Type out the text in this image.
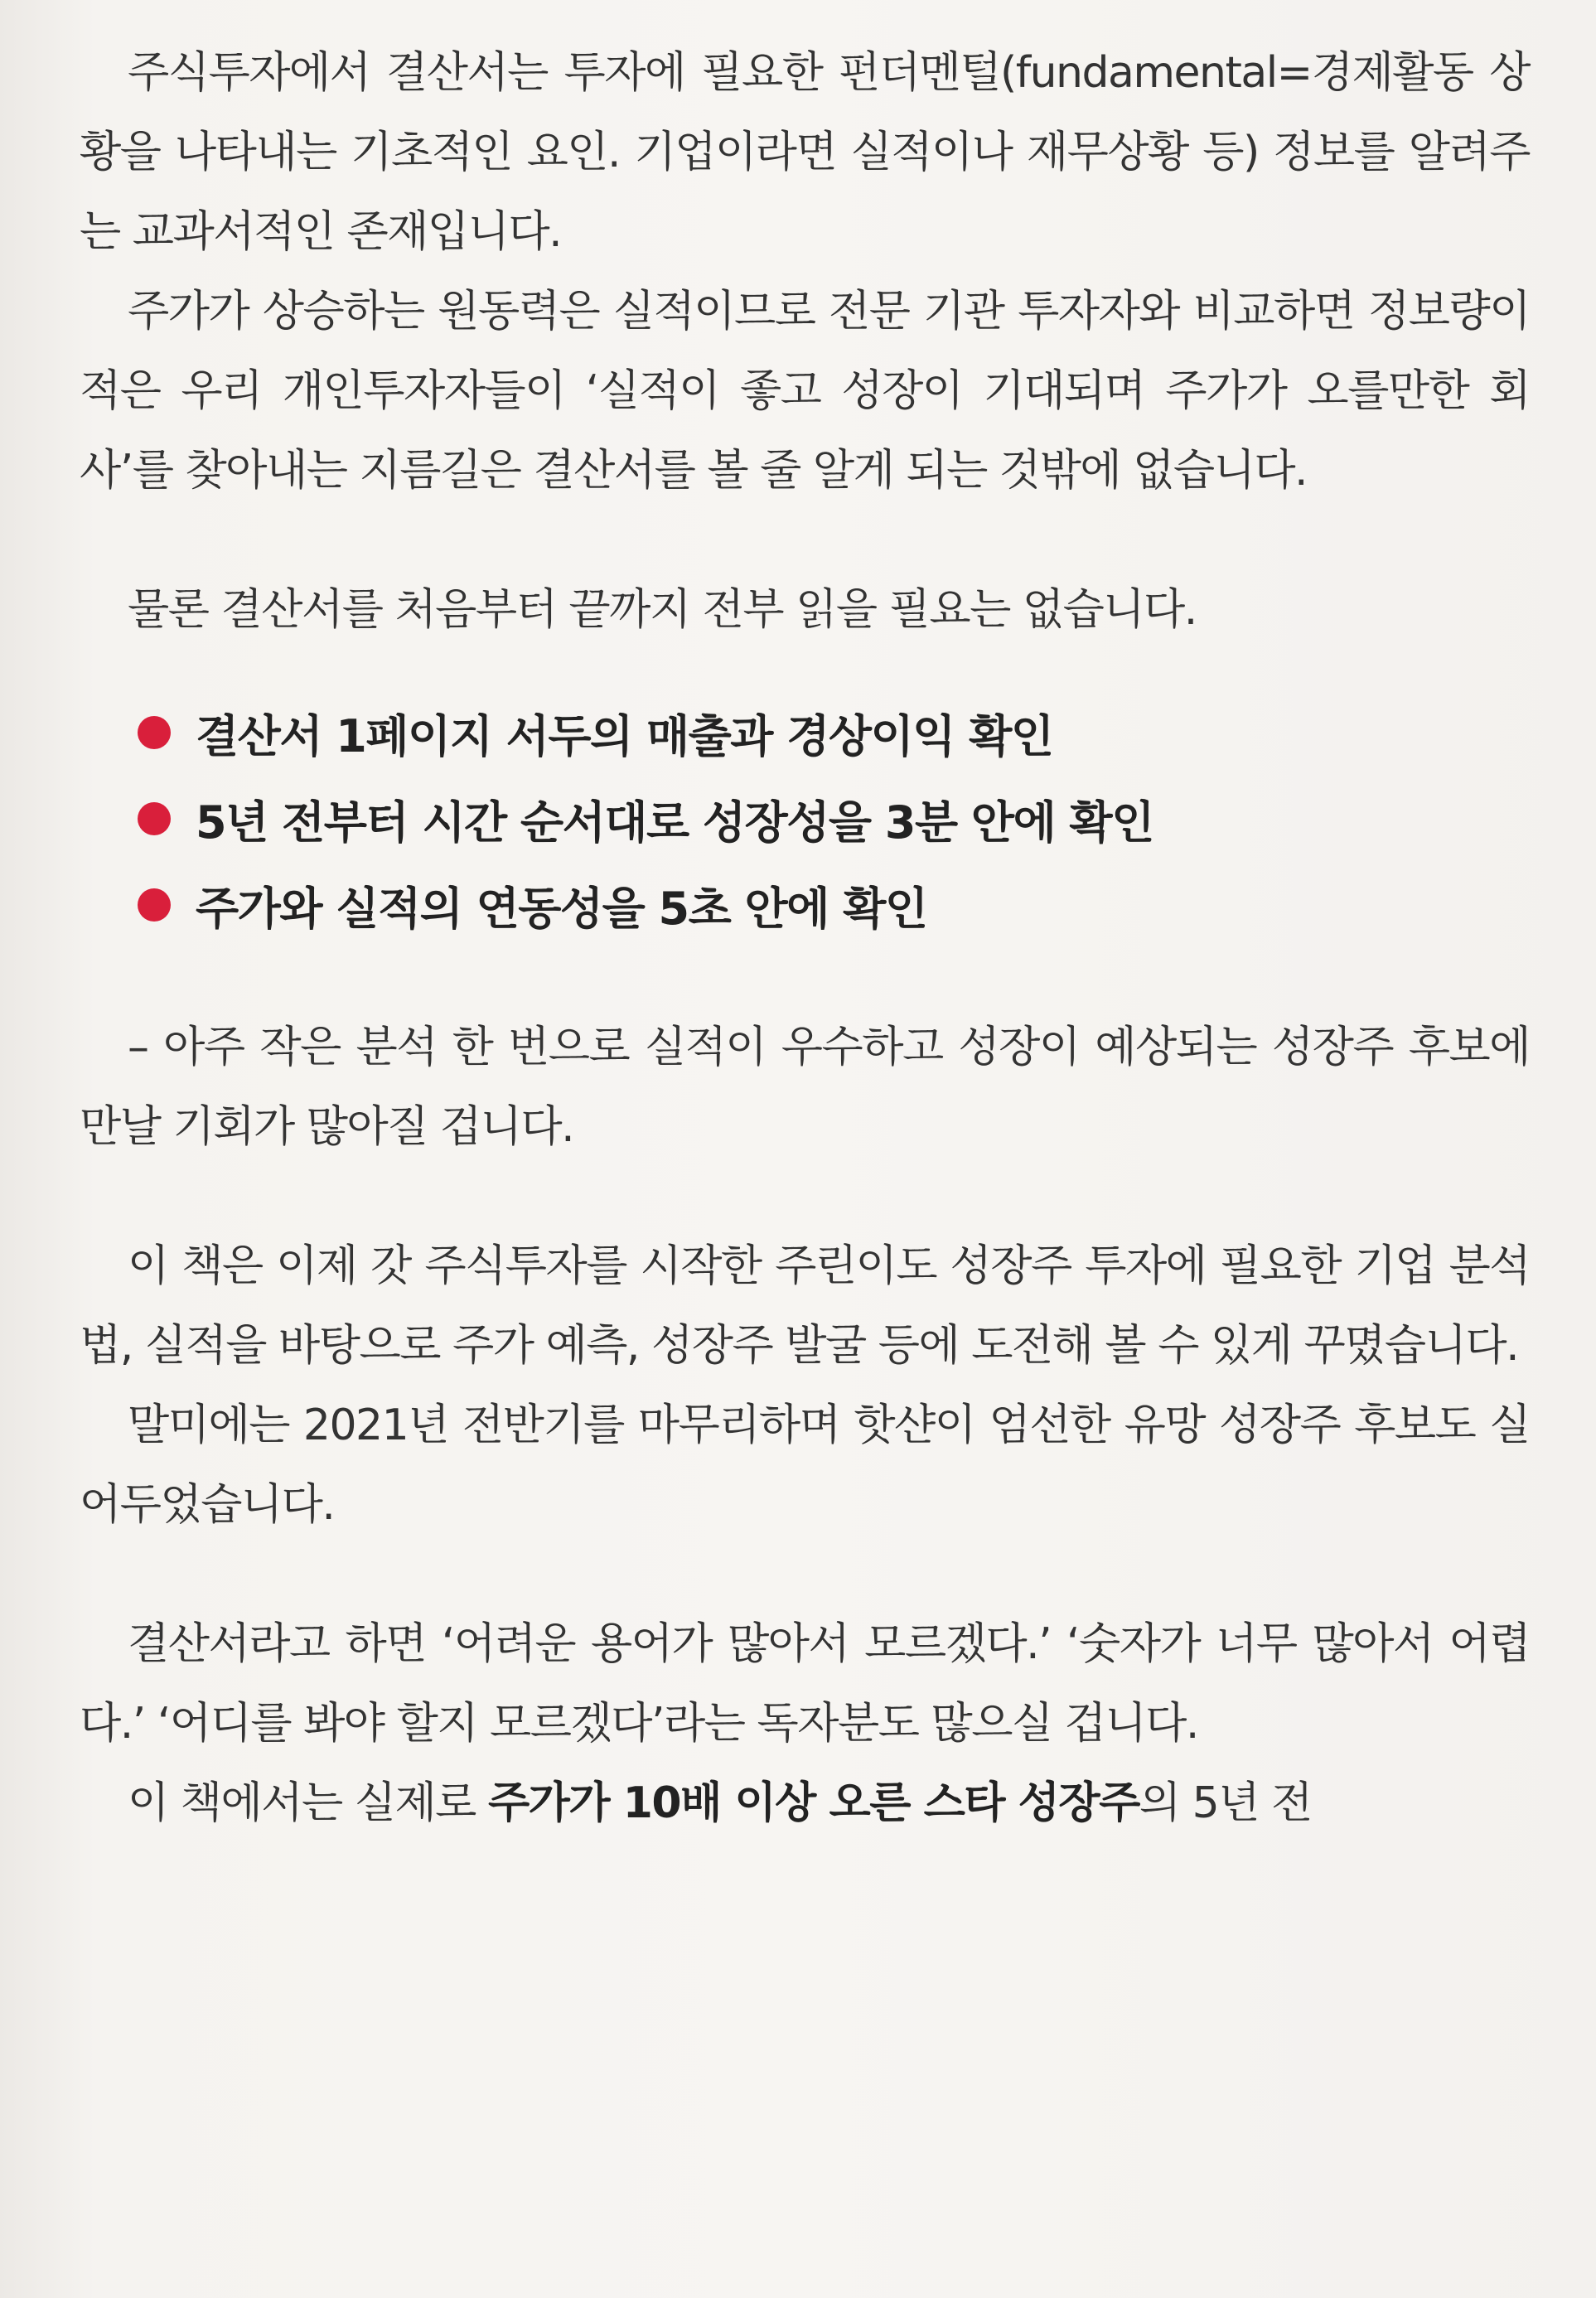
주식투자에서 결산서는 투자에 필요한 펀더멘털(fundamental=경제활동 상황을 나타내는 기초적인 요인. 기업이라면 실적이나 재무상황 등) 정보를 알려주는 교과서적인 존재입니다.

주가가 상승하는 원동력은 실적이므로 전문 기관 투자자와 비교하면 정보량이 적은 우리 개인투자자들이 ‘실적이 좋고 성장이 기대되며 주가가 오를만한 회사’를 찾아내는 지름길은 결산서를 볼 줄 알게 되는 것밖에 없습니다.

물론 결산서를 처음부터 끝까지 전부 읽을 필요는 없습니다.

결산서 1페이지 서두의 매출과 경상이익 확인
5년 전부터 시간 순서대로 성장성을 3분 안에 확인
주가와 실적의 연동성을 5초 안에 확인

– 아주 작은 분석 한 번으로 실적이 우수하고 성장이 예상되는 성장주 후보에 만날 기회가 많아질 겁니다.

이 책은 이제 갓 주식투자를 시작한 주린이도 성장주 투자에 필요한 기업 분석법, 실적을 바탕으로 주가 예측, 성장주 발굴 등에 도전해 볼 수 있게 꾸몄습니다.

말미에는 2021년 전반기를 마무리하며 핫샨이 엄선한 유망 성장주 후보도 실어두었습니다.

결산서라고 하면 ‘어려운 용어가 많아서 모르겠다.’ ‘숫자가 너무 많아서 어렵다.’ ‘어디를 봐야 할지 모르겠다’라는 독자분도 많으실 겁니다.

이 책에서는 실제로 주가가 10배 이상 오른 스타 성장주의 5년 전
